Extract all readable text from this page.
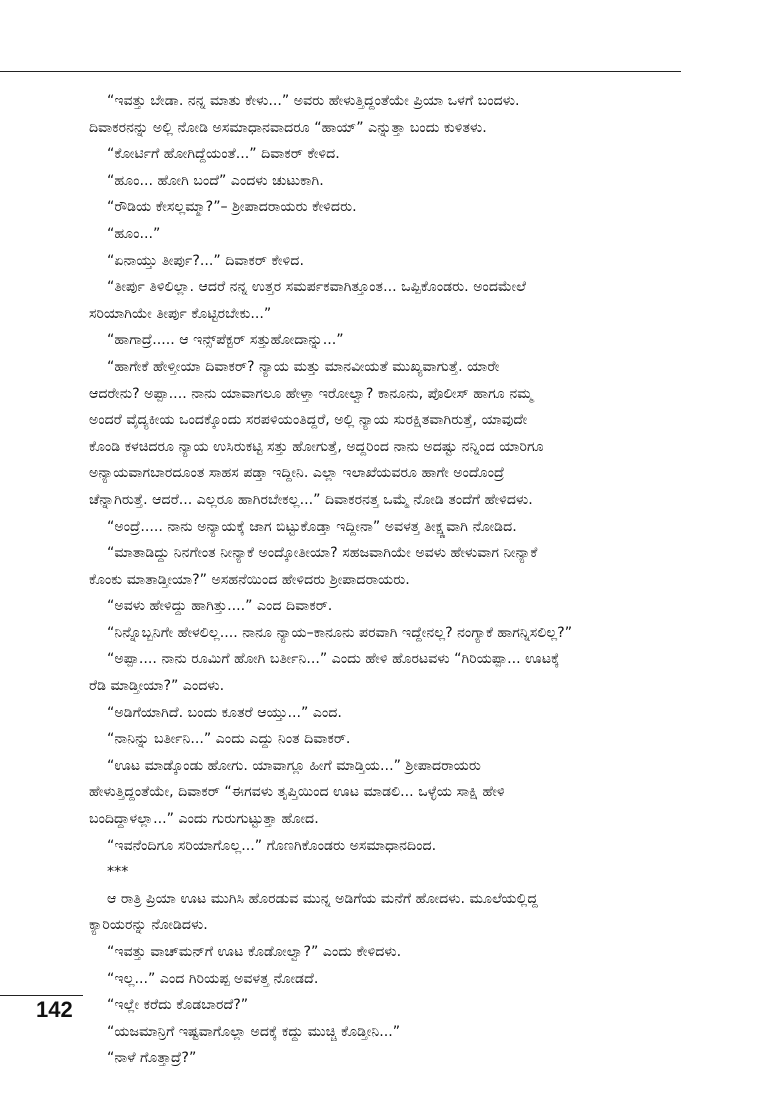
“ಇವತ್ತು ಬೇಡಾ. ನನ್ನ ಮಾತು ಕೇಳು...” ಅವರು ಹೇಳುತ್ತಿದ್ದಂತೆಯೇ ಪ್ರಿಯಾ ಒಳಗೆ ಬಂದಳು.
ದಿವಾಕರನನ್ನು ಅಲ್ಲಿ ನೋಡಿ ಅಸಮಾಧಾನವಾದರೂ “ಹಾಯ್” ಎನ್ನುತ್ತಾ ಬಂದು ಕುಳಿತಳು.
“ಕೋರ್ಟಿಗೆ ಹೋಗಿದ್ದೆಯಂತೆ...” ದಿವಾಕರ್ ಕೇಳಿದ.
“ಹೂಂ... ಹೋಗಿ ಬಂದೆ” ಎಂದಳು ಚುಟುಕಾಗಿ.
“ರೌಡಿಯ ಕೇಸಲ್ಲಮ್ಮಾ?”– ಶ್ರೀಪಾದರಾಯರು ಕೇಳಿದರು.
“ಹೂಂ...”
“ಏನಾಯ್ತು ತೀರ್ಪು?...” ದಿವಾಕರ್ ಕೇಳಿದ.
“ತೀರ್ಪು ತಿಳಿಲಿಲ್ಲಾ. ಆದರೆ ನನ್ನ ಉತ್ತರ ಸಮರ್ಪಕವಾಗಿತ್ತೂಂತ... ಒಪ್ಪಿಕೊಂಡರು. ಅಂದಮೇಲೆ
ಸರಿಯಾಗಿಯೇ ತೀರ್ಪು ಕೊಟ್ಟಿರಬೇಕು...”
“ಹಾಗಾದ್ರೆ..... ಆ ಇನ್ಸ್‌ಪೆಕ್ಟರ್ ಸತ್ತುಹೋದಾನ್ನು...”
“ಹಾಗೇಕೆ ಹೇಳ್ತೀಯಾ ದಿವಾಕರ್? ನ್ಯಾಯ ಮತ್ತು ಮಾನವೀಯತೆ ಮುಖ್ಯವಾಗುತ್ತೆ. ಯಾರೇ
ಆದರೇನು? ಅಪ್ಪಾ.... ನಾನು ಯಾವಾಗಲೂ ಹೇಳ್ತಾ ಇರೋಲ್ವಾ? ಕಾನೂನು, ಪೊಲೀಸ್ ಹಾಗೂ ನಮ್ಮ
ಅಂದರೆ ವೈದ್ಯಕೀಯ ಒಂದಕ್ಕೊಂದು ಸರಪಳಿಯಂತಿದ್ದರೆ, ಅಲ್ಲಿ ನ್ಯಾಯ ಸುರಕ್ಷಿತವಾಗಿರುತ್ತೆ, ಯಾವುದೇ
ಕೊಂಡಿ ಕಳಚಿದರೂ ನ್ಯಾಯ ಉಸಿರುಕಟ್ಟಿ ಸತ್ತು ಹೋಗುತ್ತೆ, ಅದ್ದರಿಂದ ನಾನು ಅದಷ್ಟು ನನ್ನಿಂದ ಯಾರಿಗೂ
ಅನ್ಯಾಯವಾಗಬಾರದೂಂತ ಸಾಹಸ ಪಡ್ತಾ ಇದ್ದೀನಿ. ಎಲ್ಲಾ ಇಲಾಖೆಯವರೂ ಹಾಗೇ ಅಂದೊಂದ್ರೆ
ಚೆನ್ನಾಗಿರುತ್ತೆ. ಆದರೆ... ಎಲ್ಲರೂ ಹಾಗಿರಬೇಕಲ್ಲ...” ದಿವಾಕರನತ್ತ ಒಮ್ಮೆ ನೋಡಿ ತಂದೆಗೆ ಹೇಳಿದಳು.
“ಅಂದ್ರೆ..... ನಾನು ಅನ್ಯಾಯಕ್ಕೆ ಜಾಗ ಬಿಟ್ಟುಕೊಡ್ತಾ ಇದ್ದೀನಾ” ಅವಳತ್ತ ತೀಕ್ಷ್ಣವಾಗಿ ನೋಡಿದ.
“ಮಾತಾಡಿದ್ದು ನಿನಗೇಂತ ನೀನ್ಯಾಕೆ ಅಂದ್ಕೋತೀಯಾ? ಸಹಜವಾಗಿಯೇ ಅವಳು ಹೇಳುವಾಗ ನೀನ್ಯಾಕೆ
ಕೊಂಕು ಮಾತಾಡ್ತೀಯಾ?” ಅಸಹನೆಯಿಂದ ಹೇಳಿದರು ಶ್ರೀಪಾದರಾಯರು.
“ಅವಳು ಹೇಳಿದ್ದು ಹಾಗಿತ್ತು....” ಎಂದ ದಿವಾಕರ್.
“ನಿನ್ನೊಬ್ಬನಿಗೇ ಹೇಳಲಿಲ್ಲ.... ನಾನೂ ನ್ಯಾಯ–ಕಾನೂನು ಪರವಾಗಿ ಇದ್ದೇನಲ್ಲ? ನಂಗ್ಯಾಕೆ ಹಾಗನ್ನಿಸಲಿಲ್ಲ?”
“ಅಪ್ಪಾ.... ನಾನು ರೂಮಿಗೆ ಹೋಗಿ ಬರ್ತೀನಿ...” ಎಂದು ಹೇಳಿ ಹೊರಟವಳು “ಗಿರಿಯಪ್ಪಾ... ಊಟಕ್ಕೆ
ರೆಡಿ ಮಾಡ್ತೀಯಾ?” ಎಂದಳು.
“ಅಡಿಗೆಯಾಗಿದೆ. ಬಂದು ಕೂತರೆ ಆಯ್ತು...” ಎಂದ.
“ನಾನಿನ್ನು ಬರ್ತೀನಿ...” ಎಂದು ಎದ್ದು ನಿಂತ ದಿವಾಕರ್.
“ಊಟ ಮಾಡ್ಕೊಂಡು ಹೋಗು. ಯಾವಾಗ್ಲೂ ಹೀಗೆ ಮಾಡ್ತಿಯ...” ಶ್ರೀಪಾದರಾಯರು
ಹೇಳುತ್ತಿದ್ದಂತೆಯೇ, ದಿವಾಕರ್ “ಈಗವಳು ತೃಪ್ತಿಯಿಂದ ಊಟ ಮಾಡಲಿ... ಒಳ್ಳೆಯ ಸಾಕ್ಷಿ ಹೇಳಿ
ಬಂದಿದ್ದಾಳಲ್ಲಾ...” ಎಂದು ಗುರುಗುಟ್ಟುತ್ತಾ ಹೋದ.
“ಇವನೆಂದಿಗೂ ಸರಿಯಾಗೊಲ್ಲ...” ಗೊಣಗಿಕೊಂಡರು ಅಸಮಾಧಾನದಿಂದ.
***
ಆ ರಾತ್ರಿ ಪ್ರಿಯಾ ಊಟ ಮುಗಿಸಿ ಹೊರಡುವ ಮುನ್ನ ಅಡಿಗೆಯ ಮನೆಗೆ ಹೋದಳು. ಮೂಲೆಯಲ್ಲಿದ್ದ
ಕ್ಯಾರಿಯರನ್ನು ನೋಡಿದಳು.
“ಇವತ್ತು ವಾಚ್‌ಮನ್‌ಗೆ ಊಟ ಕೊಡೋಲ್ವಾ?” ಎಂದು ಕೇಳಿದಳು.
“ಇಲ್ಲ...” ಎಂದ ಗಿರಿಯಪ್ಪ ಅವಳತ್ತ ನೋಡದೆ.
“ಇಲ್ಲೇ ಕರೆದು ಕೊಡಬಾರದೆ?”
“ಯಜಮಾನ್ರಿಗೆ ಇಷ್ಟವಾಗೊಲ್ಲಾ ಅದಕ್ಕೆ ಕದ್ದು ಮುಚ್ಚಿ ಕೊಡ್ತೀನಿ...”
“ನಾಳೆ ಗೊತ್ತಾದ್ರೆ?”
142
